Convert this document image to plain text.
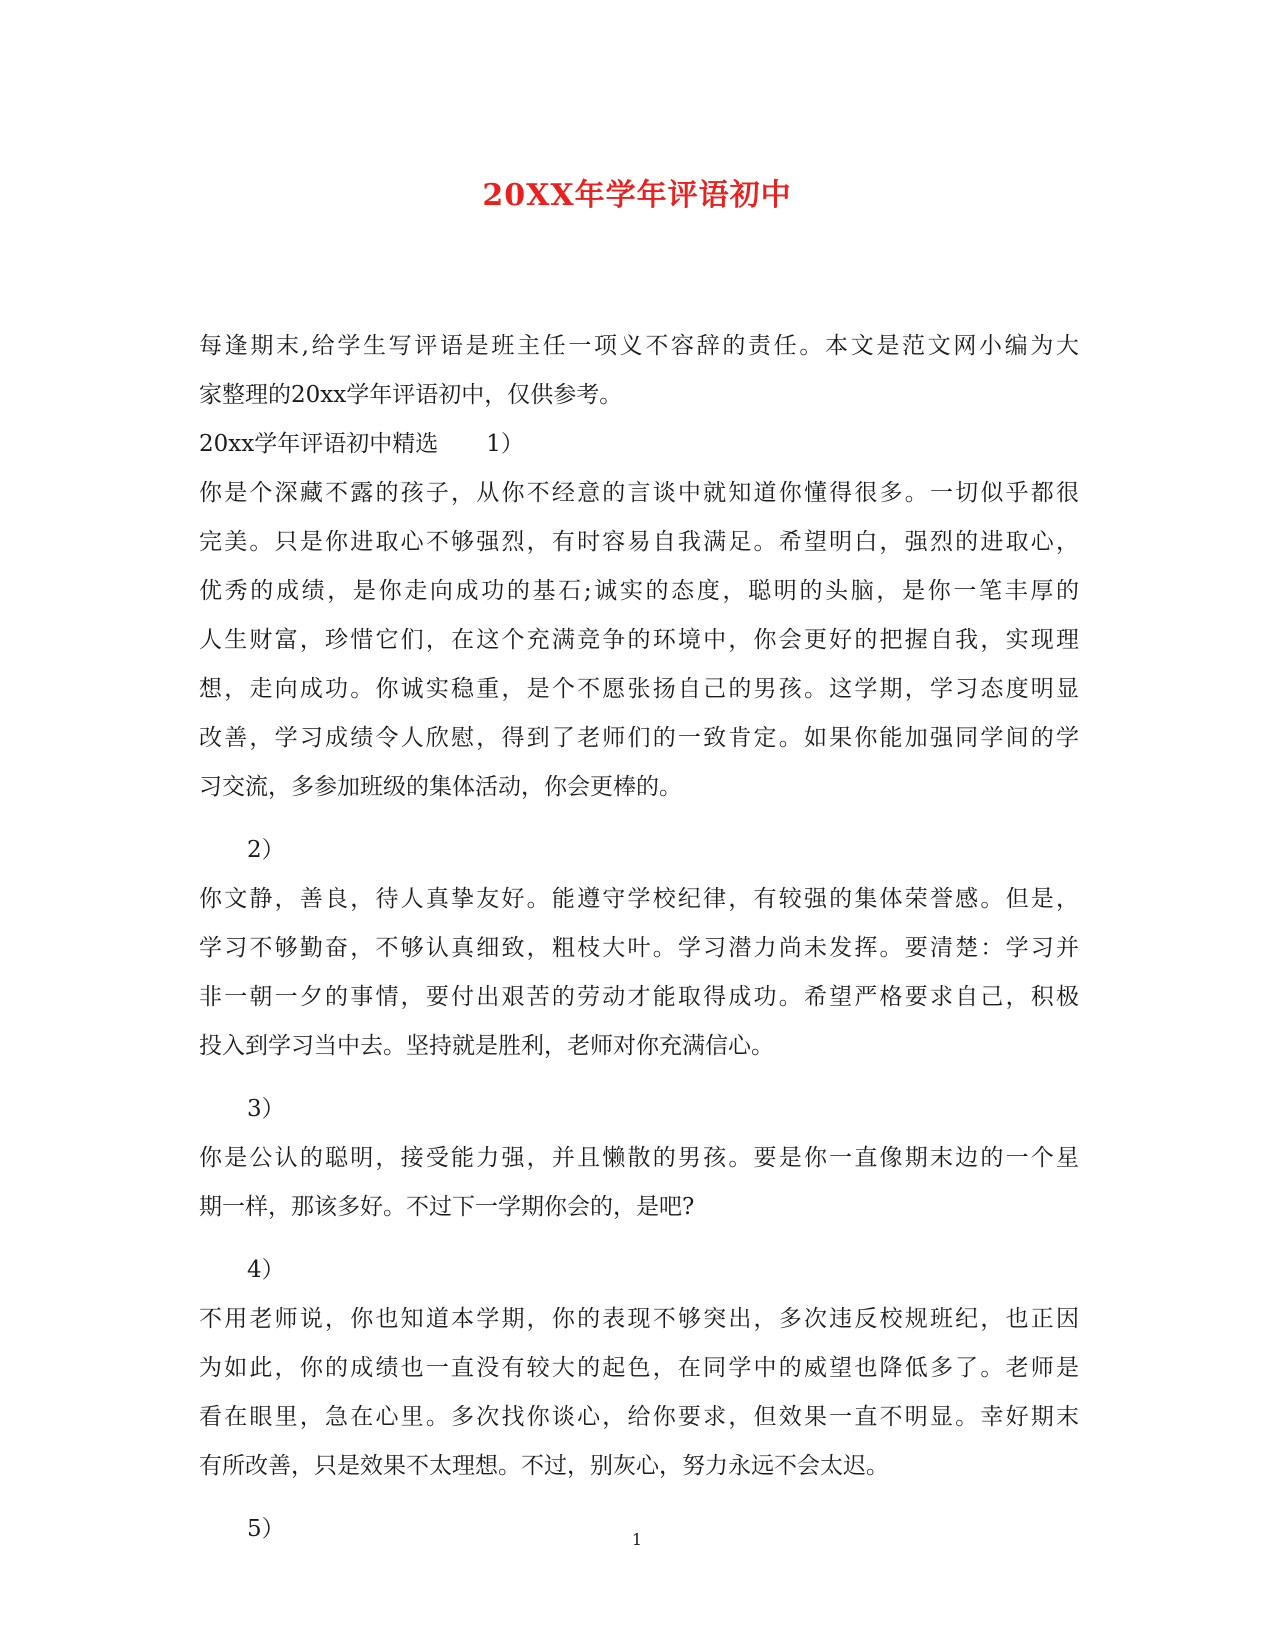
20XX年学年评语初中
每逢期末,给学生写评语是班主任一项义不容辞的责任。本文是范文网小编为大
家整理的20xx学年评语初中，仅供参考。
20xx学年评语初中精选 1）
你是个深藏不露的孩子，从你不经意的言谈中就知道你懂得很多。一切似乎都很
完美。只是你进取心不够强烈，有时容易自我满足。希望明白，强烈的进取心，
优秀的成绩，是你走向成功的基石;诚实的态度，聪明的头脑，是你一笔丰厚的
人生财富，珍惜它们，在这个充满竞争的环境中，你会更好的把握自我，实现理
想，走向成功。你诚实稳重，是个不愿张扬自己的男孩。这学期，学习态度明显
改善，学习成绩令人欣慰，得到了老师们的一致肯定。如果你能加强同学间的学
习交流，多参加班级的集体活动，你会更棒的。
2）
你文静，善良，待人真挚友好。能遵守学校纪律，有较强的集体荣誉感。但是，
学习不够勤奋，不够认真细致，粗枝大叶。学习潜力尚未发挥。要清楚：学习并
非一朝一夕的事情，要付出艰苦的劳动才能取得成功。希望严格要求自己，积极
投入到学习当中去。坚持就是胜利，老师对你充满信心。
3）
你是公认的聪明，接受能力强，并且懒散的男孩。要是你一直像期末边的一个星
期一样，那该多好。不过下一学期你会的，是吧?
4）
不用老师说，你也知道本学期，你的表现不够突出，多次违反校规班纪，也正因
为如此，你的成绩也一直没有较大的起色，在同学中的威望也降低多了。老师是
看在眼里，急在心里。多次找你谈心，给你要求，但效果一直不明显。幸好期末
有所改善，只是效果不太理想。不过，别灰心，努力永远不会太迟。
5）	1
